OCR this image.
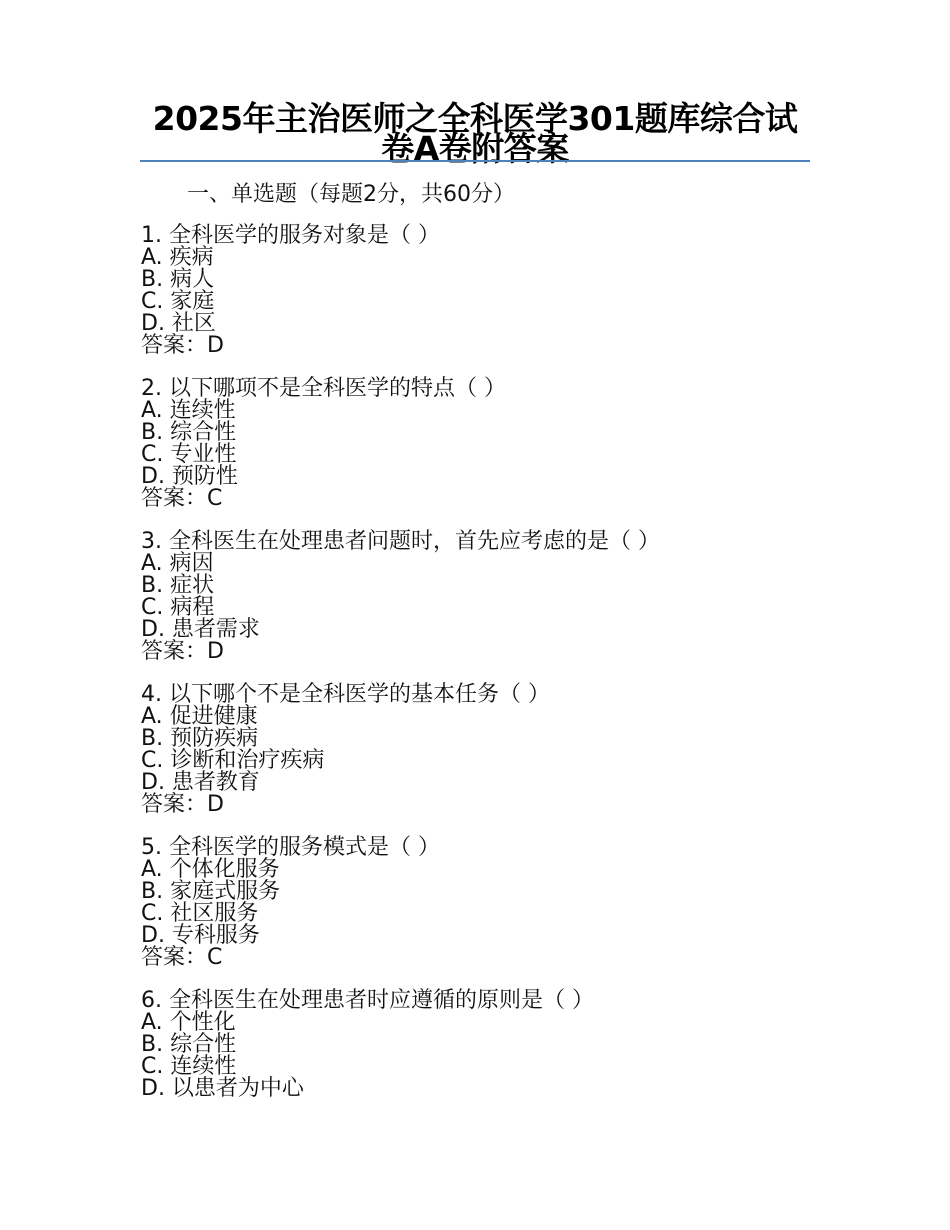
2025年主治医师之全科医学301题库综合试卷A卷附答案
一、单选题（每题2分，共60分）
1. 全科医学的服务对象是（ ）
A. 疾病
B. 病人
C. 家庭
D. 社区
答案：D
2. 以下哪项不是全科医学的特点（ ）
A. 连续性
B. 综合性
C. 专业性
D. 预防性
答案：C
3. 全科医生在处理患者问题时，首先应考虑的是（ ）
A. 病因
B. 症状
C. 病程
D. 患者需求
答案：D
4. 以下哪个不是全科医学的基本任务（ ）
A. 促进健康
B. 预防疾病
C. 诊断和治疗疾病
D. 患者教育
答案：D
5. 全科医学的服务模式是（ ）
A. 个体化服务
B. 家庭式服务
C. 社区服务
D. 专科服务
答案：C
6. 全科医生在处理患者时应遵循的原则是（ ）
A. 个性化
B. 综合性
C. 连续性
D. 以患者为中心
